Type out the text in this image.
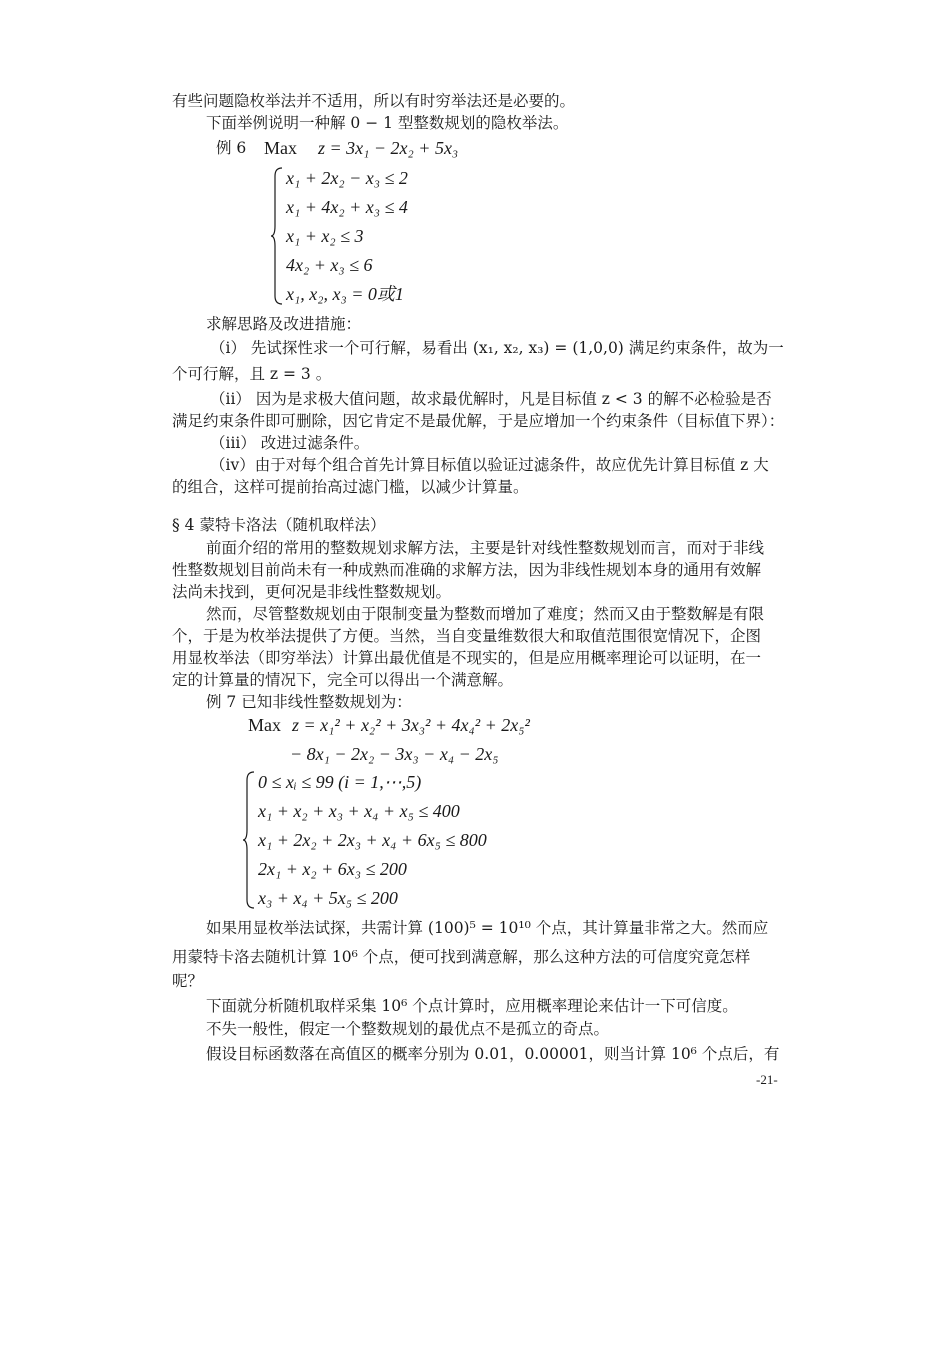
有些问题隐枚举法并不适用，所以有时穷举法还是必要的。
下面举例说明一种解 0 − 1 型整数规划的隐枚举法。
例 6 Max z = 3x₁ − 2x₂ + 5x₃
x₁ + 2x₂ − x₃ ≤ 2
x₁ + 4x₂ + x₃ ≤ 4
x₁ + x₂ ≤ 3
4x₂ + x₃ ≤ 6
x₁, x₂, x₃ = 0或1
求解思路及改进措施：
（i） 先试探性求一个可行解，易看出 (x₁, x₂, x₃) = (1,0,0) 满足约束条件，故为一
个可行解，且 z = 3 。
（ii） 因为是求极大值问题，故求最优解时，凡是目标值 z < 3 的解不必检验是否
满足约束条件即可删除，因它肯定不是最优解，于是应增加一个约束条件（目标值下界）：
（iii） 改进过滤条件。
（iv）由于对每个组合首先计算目标值以验证过滤条件，故应优先计算目标值 z 大
的组合，这样可提前抬高过滤门槛，以减少计算量。
§ 4 蒙特卡洛法（随机取样法）
前面介绍的常用的整数规划求解方法，主要是针对线性整数规划而言，而对于非线
性整数规划目前尚未有一种成熟而准确的求解方法，因为非线性规划本身的通用有效解
法尚未找到，更何况是非线性整数规划。
然而，尽管整数规划由于限制变量为整数而增加了难度；然而又由于整数解是有限
个，于是为枚举法提供了方便。当然，当自变量维数很大和取值范围很宽情况下，企图
用显枚举法（即穷举法）计算出最优值是不现实的，但是应用概率理论可以证明，在一
定的计算量的情况下，完全可以得出一个满意解。
例 7 已知非线性整数规划为：
Max z = x₁² + x₂² + 3x₃² + 4x₄² + 2x₅²
− 8x₁ − 2x₂ − 3x₃ − x₄ − 2x₅
0 ≤ xᵢ ≤ 99 (i = 1,⋯,5)
x₁ + x₂ + x₃ + x₄ + x₅ ≤ 400
x₁ + 2x₂ + 2x₃ + x₄ + 6x₅ ≤ 800
2x₁ + x₂ + 6x₃ ≤ 200
x₃ + x₄ + 5x₅ ≤ 200
如果用显枚举法试探，共需计算 (100)⁵ = 10¹⁰ 个点，其计算量非常之大。然而应
用蒙特卡洛去随机计算 10⁶ 个点，便可找到满意解，那么这种方法的可信度究竟怎样
呢？
下面就分析随机取样采集 10⁶ 个点计算时，应用概率理论来估计一下可信度。
不失一般性，假定一个整数规划的最优点不是孤立的奇点。
假设目标函数落在高值区的概率分别为 0.01，0.00001，则当计算 10⁶ 个点后，有
-21-
